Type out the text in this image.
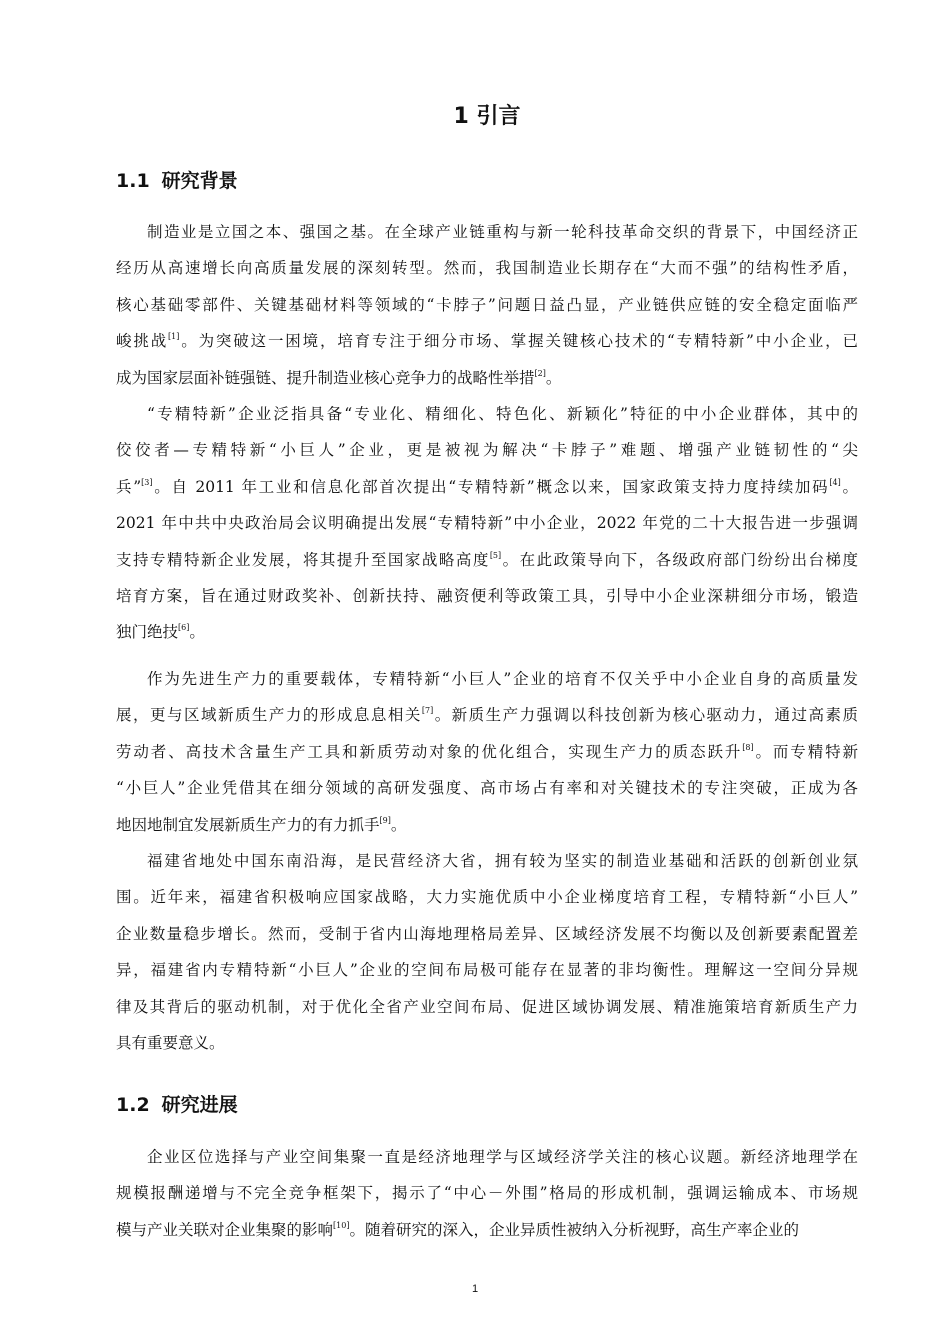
1 引言
1.1 研究背景
制造业是立国之本、强国之基。在全球产业链重构与新一轮科技革命交织的背景下，中国经济正
经历从高速增长向高质量发展的深刻转型。然而，我国制造业长期存在“大而不强”的结构性矛盾，
核心基础零部件、关键基础材料等领域的“卡脖子”问题日益凸显，产业链供应链的安全稳定面临严
峻挑战[1]。为突破这一困境，培育专注于细分市场、掌握关键核心技术的“专精特新”中小企业，已
成为国家层面补链强链、提升制造业核心竞争力的战略性举措[2]。
“专精特新”企业泛指具备“专业化、精细化、特色化、新颖化”特征的中小企业群体，其中的
佼佼者—专精特新“小巨人”企业，更是被视为解决“卡脖子”难题、增强产业链韧性的“尖
兵”[3]。自 2011 年工业和信息化部首次提出“专精特新”概念以来，国家政策支持力度持续加码[4]。
2021 年中共中央政治局会议明确提出发展“专精特新”中小企业，2022 年党的二十大报告进一步强调
支持专精特新企业发展，将其提升至国家战略高度[5]。在此政策导向下，各级政府部门纷纷出台梯度
培育方案，旨在通过财政奖补、创新扶持、融资便利等政策工具，引导中小企业深耕细分市场，锻造
独门绝技[6]。
作为先进生产力的重要载体，专精特新“小巨人”企业的培育不仅关乎中小企业自身的高质量发
展，更与区域新质生产力的形成息息相关[7]。新质生产力强调以科技创新为核心驱动力，通过高素质
劳动者、高技术含量生产工具和新质劳动对象的优化组合，实现生产力的质态跃升[8]。而专精特新
“小巨人”企业凭借其在细分领域的高研发强度、高市场占有率和对关键技术的专注突破，正成为各
地因地制宜发展新质生产力的有力抓手[9]。
福建省地处中国东南沿海，是民营经济大省，拥有较为坚实的制造业基础和活跃的创新创业氛
围。近年来，福建省积极响应国家战略，大力实施优质中小企业梯度培育工程，专精特新“小巨人”
企业数量稳步增长。然而，受制于省内山海地理格局差异、区域经济发展不均衡以及创新要素配置差
异，福建省内专精特新“小巨人”企业的空间布局极可能存在显著的非均衡性。理解这一空间分异规
律及其背后的驱动机制，对于优化全省产业空间布局、促进区域协调发展、精准施策培育新质生产力
具有重要意义。
1.2 研究进展
企业区位选择与产业空间集聚一直是经济地理学与区域经济学关注的核心议题。新经济地理学在
规模报酬递增与不完全竞争框架下，揭示了“中心－外围”格局的形成机制，强调运输成本、市场规
模与产业关联对企业集聚的影响[10]。随着研究的深入，企业异质性被纳入分析视野，高生产率企业的
1
